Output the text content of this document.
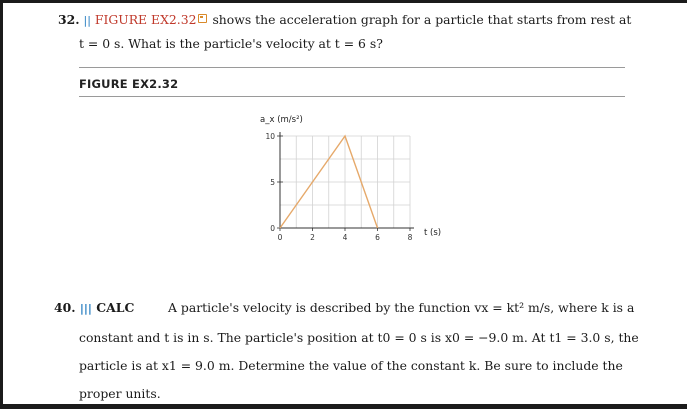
32. || FIGURE EX2.32 shows the acceleration graph for a particle that starts from rest at
t = 0 s. What is the particle's velocity at t = 6 s?
FIGURE EX2.32
0	2	4	6	8
0
5
10
a_x (m/s²)
t (s)
40. ||| CALC	A particle's velocity is described by the function vx = kt² m/s, where k is a
constant and t is in s. The particle's position at t0 = 0 s is x0 = −9.0 m. At t1 = 3.0 s, the
particle is at x1 = 9.0 m. Determine the value of the constant k. Be sure to include the
proper units.
